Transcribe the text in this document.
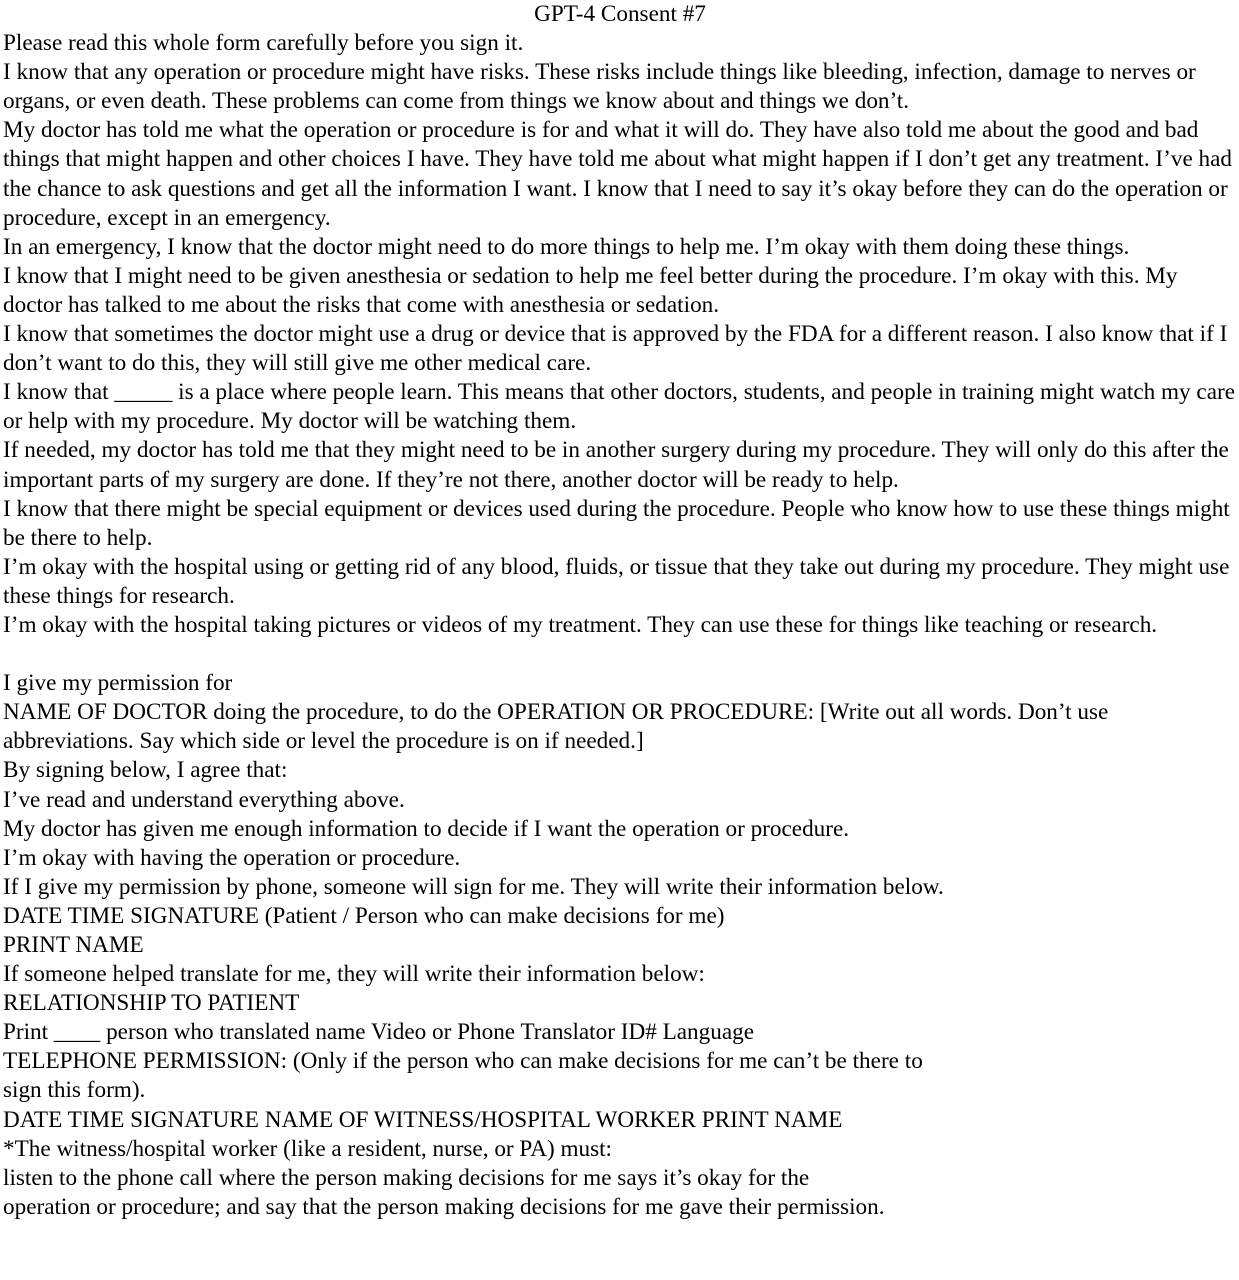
GPT-4 Consent #7

Please read this whole form carefully before you sign it.

I know that any operation or procedure might have risks. These risks include things like bleeding, infection, damage to nerves or organs, or even death. These problems can come from things we know about and things we don’t.

My doctor has told me what the operation or procedure is for and what it will do. They have also told me about the good and bad things that might happen and other choices I have. They have told me about what might happen if I don’t get any treatment. I’ve had the chance to ask questions and get all the information I want. I know that I need to say it’s okay before they can do the operation or procedure, except in an emergency.

In an emergency, I know that the doctor might need to do more things to help me. I’m okay with them doing these things.

I know that I might need to be given anesthesia or sedation to help me feel better during the procedure. I’m okay with this. My doctor has talked to me about the risks that come with anesthesia or sedation.

I know that sometimes the doctor might use a drug or device that is approved by the FDA for a different reason. I also know that if I don’t want to do this, they will still give me other medical care.

I know that _____ is a place where people learn. This means that other doctors, students, and people in training might watch my care or help with my procedure. My doctor will be watching them.

If needed, my doctor has told me that they might need to be in another surgery during my procedure. They will only do this after the important parts of my surgery are done. If they’re not there, another doctor will be ready to help.

I know that there might be special equipment or devices used during the procedure. People who know how to use these things might be there to help.

I’m okay with the hospital using or getting rid of any blood, fluids, or tissue that they take out during my procedure. They might use these things for research.

I’m okay with the hospital taking pictures or videos of my treatment. They can use these for things like teaching or research.

I give my permission for

NAME OF DOCTOR doing the procedure, to do the OPERATION OR PROCEDURE: [Write out all words. Don’t use abbreviations. Say which side or level the procedure is on if needed.]

By signing below, I agree that:

I’ve read and understand everything above.

My doctor has given me enough information to decide if I want the operation or procedure.

I’m okay with having the operation or procedure.

If I give my permission by phone, someone will sign for me. They will write their information below.

DATE TIME SIGNATURE (Patient / Person who can make decisions for me)

PRINT NAME

If someone helped translate for me, they will write their information below:

RELATIONSHIP TO PATIENT

Print ____ person who translated name Video or Phone Translator ID# Language

TELEPHONE PERMISSION: (Only if the person who can make decisions for me can’t be there to

sign this form).

DATE TIME SIGNATURE NAME OF WITNESS/HOSPITAL WORKER PRINT NAME

*The witness/hospital worker (like a resident, nurse, or PA) must:

listen to the phone call where the person making decisions for me says it’s okay for the

operation or procedure; and say that the person making decisions for me gave their permission.
